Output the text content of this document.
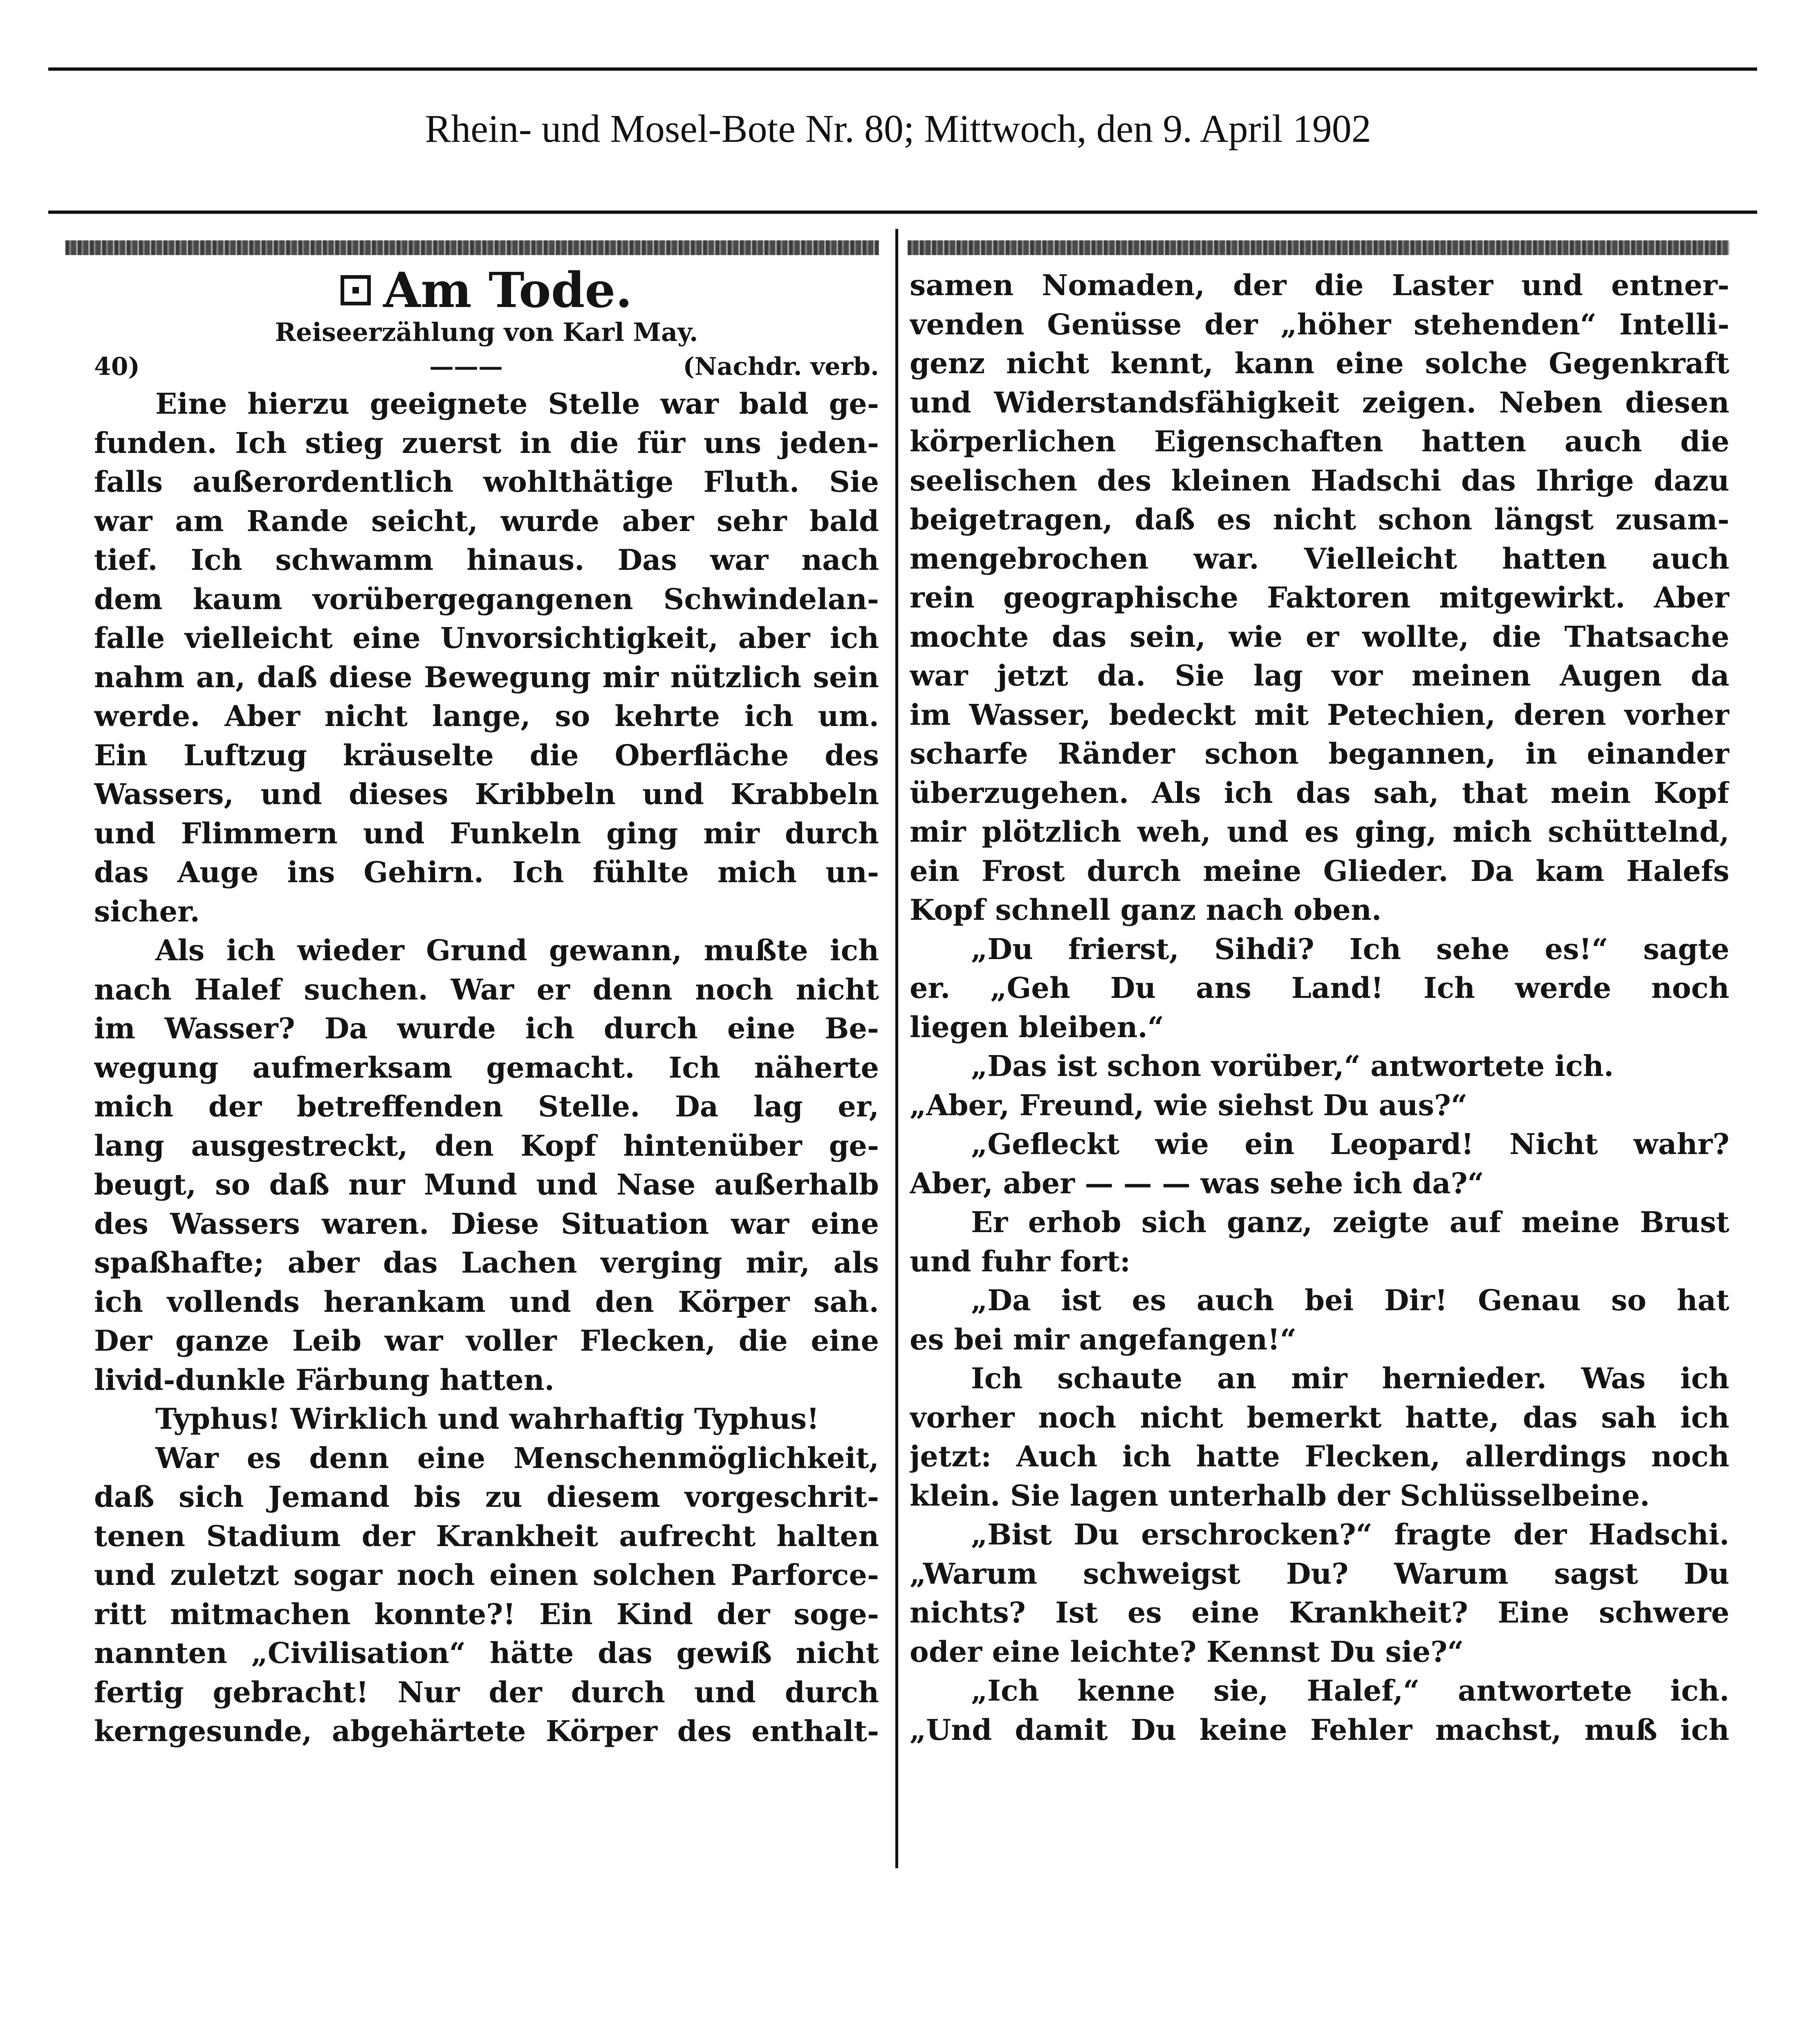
Rhein- und Mosel-Bote Nr. 80; Mittwoch, den 9. April 1902
Am Tode.
Reiseerzählung von Karl May.
40)	———	(Nachdr. verb.
Eine hierzu geeignete Stelle war bald ge-
funden. Ich stieg zuerst in die für uns jeden-
falls außerordentlich wohlthätige Fluth. Sie
war am Rande seicht, wurde aber sehr bald
tief. Ich schwamm hinaus. Das war nach
dem kaum vorübergegangenen Schwindelan-
falle vielleicht eine Unvorsichtigkeit, aber ich
nahm an, daß diese Bewegung mir nützlich sein
werde. Aber nicht lange, so kehrte ich um.
Ein Luftzug kräuselte die Oberfläche des
Wassers, und dieses Kribbeln und Krabbeln
und Flimmern und Funkeln ging mir durch
das Auge ins Gehirn. Ich fühlte mich un-
sicher.
Als ich wieder Grund gewann, mußte ich
nach Halef suchen. War er denn noch nicht
im Wasser? Da wurde ich durch eine Be-
wegung aufmerksam gemacht. Ich näherte
mich der betreffenden Stelle. Da lag er,
lang ausgestreckt, den Kopf hintenüber ge-
beugt, so daß nur Mund und Nase außerhalb
des Wassers waren. Diese Situation war eine
spaßhafte; aber das Lachen verging mir, als
ich vollends herankam und den Körper sah.
Der ganze Leib war voller Flecken, die eine
livid-dunkle Färbung hatten.
Typhus! Wirklich und wahrhaftig Typhus!
War es denn eine Menschenmöglichkeit,
daß sich Jemand bis zu diesem vorgeschrit-
tenen Stadium der Krankheit aufrecht halten
und zuletzt sogar noch einen solchen Parforce-
ritt mitmachen konnte?! Ein Kind der soge-
nannten „Civilisation“ hätte das gewiß nicht
fertig gebracht! Nur der durch und durch
kerngesunde, abgehärtete Körper des enthalt-
samen Nomaden, der die Laster und entner-
venden Genüsse der „höher stehenden“ Intelli-
genz nicht kennt, kann eine solche Gegenkraft
und Widerstandsfähigkeit zeigen. Neben diesen
körperlichen Eigenschaften hatten auch die
seelischen des kleinen Hadschi das Ihrige dazu
beigetragen, daß es nicht schon längst zusam-
mengebrochen war. Vielleicht hatten auch
rein geographische Faktoren mitgewirkt. Aber
mochte das sein, wie er wollte, die Thatsache
war jetzt da. Sie lag vor meinen Augen da
im Wasser, bedeckt mit Petechien, deren vorher
scharfe Ränder schon begannen, in einander
überzugehen. Als ich das sah, that mein Kopf
mir plötzlich weh, und es ging, mich schüttelnd,
ein Frost durch meine Glieder. Da kam Halefs
Kopf schnell ganz nach oben.
„Du frierst, Sihdi? Ich sehe es!“ sagte
er. „Geh Du ans Land! Ich werde noch
liegen bleiben.“
„Das ist schon vorüber,“ antwortete ich.
„Aber, Freund, wie siehst Du aus?“
„Gefleckt wie ein Leopard! Nicht wahr?
Aber, aber — — — was sehe ich da?“
Er erhob sich ganz, zeigte auf meine Brust
und fuhr fort:
„Da ist es auch bei Dir! Genau so hat
es bei mir angefangen!“
Ich schaute an mir hernieder. Was ich
vorher noch nicht bemerkt hatte, das sah ich
jetzt: Auch ich hatte Flecken, allerdings noch
klein. Sie lagen unterhalb der Schlüsselbeine.
„Bist Du erschrocken?“ fragte der Hadschi.
„Warum schweigst Du? Warum sagst Du
nichts? Ist es eine Krankheit? Eine schwere
oder eine leichte? Kennst Du sie?“
„Ich kenne sie, Halef,“ antwortete ich.
„Und damit Du keine Fehler machst, muß ich
